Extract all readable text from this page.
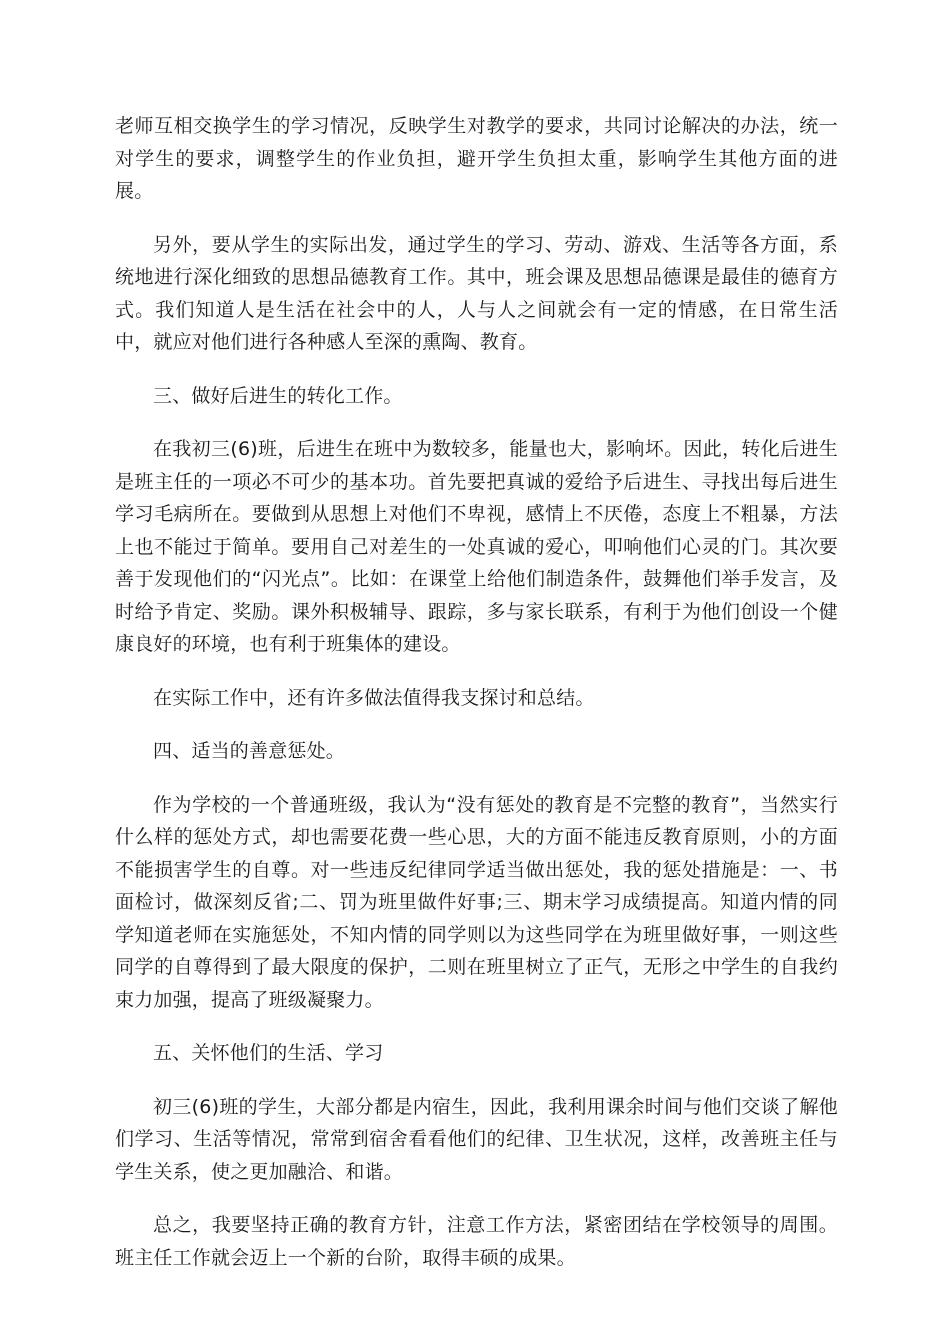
老师互相交换学生的学习情况，反映学生对教学的要求，共同讨论解决的办法，统一对学生的要求，调整学生的作业负担，避开学生负担太重，影响学生其他方面的进展。

另外，要从学生的实际出发，通过学生的学习、劳动、游戏、生活等各方面，系统地进行深化细致的思想品德教育工作。其中，班会课及思想品德课是最佳的德育方式。我们知道人是生活在社会中的人，人与人之间就会有一定的情感，在日常生活中，就应对他们进行各种感人至深的熏陶、教育。

三、做好后进生的转化工作。

在我初三(6)班，后进生在班中为数较多，能量也大，影响坏。因此，转化后进生是班主任的一项必不可少的基本功。首先要把真诚的爱给予后进生、寻找出每后进生学习毛病所在。要做到从思想上对他们不卑视，感情上不厌倦，态度上不粗暴，方法上也不能过于简单。要用自己对差生的一处真诚的爱心，叩响他们心灵的门。其次要善于发现他们的“闪光点”。比如：在课堂上给他们制造条件，鼓舞他们举手发言，及时给予肯定、奖励。课外积极辅导、跟踪，多与家长联系，有利于为他们创设一个健康良好的环境，也有利于班集体的建设。

在实际工作中，还有许多做法值得我支探讨和总结。

四、适当的善意惩处。

作为学校的一个普通班级，我认为“没有惩处的教育是不完整的教育”，当然实行什么样的惩处方式，却也需要花费一些心思，大的方面不能违反教育原则，小的方面不能损害学生的自尊。对一些违反纪律同学适当做出惩处，我的惩处措施是：一、书面检讨，做深刻反省;二、罚为班里做件好事;三、期末学习成绩提高。知道内情的同学知道老师在实施惩处，不知内情的同学则以为这些同学在为班里做好事，一则这些同学的自尊得到了最大限度的保护，二则在班里树立了正气，无形之中学生的自我约束力加强，提高了班级凝聚力。

五、关怀他们的生活、学习

初三(6)班的学生，大部分都是内宿生，因此，我利用课余时间与他们交谈了解他们学习、生活等情况，常常到宿舍看看他们的纪律、卫生状况，这样，改善班主任与学生关系，使之更加融洽、和谐。

总之，我要坚持正确的教育方针，注意工作方法，紧密团结在学校领导的周围。班主任工作就会迈上一个新的台阶，取得丰硕的成果。
